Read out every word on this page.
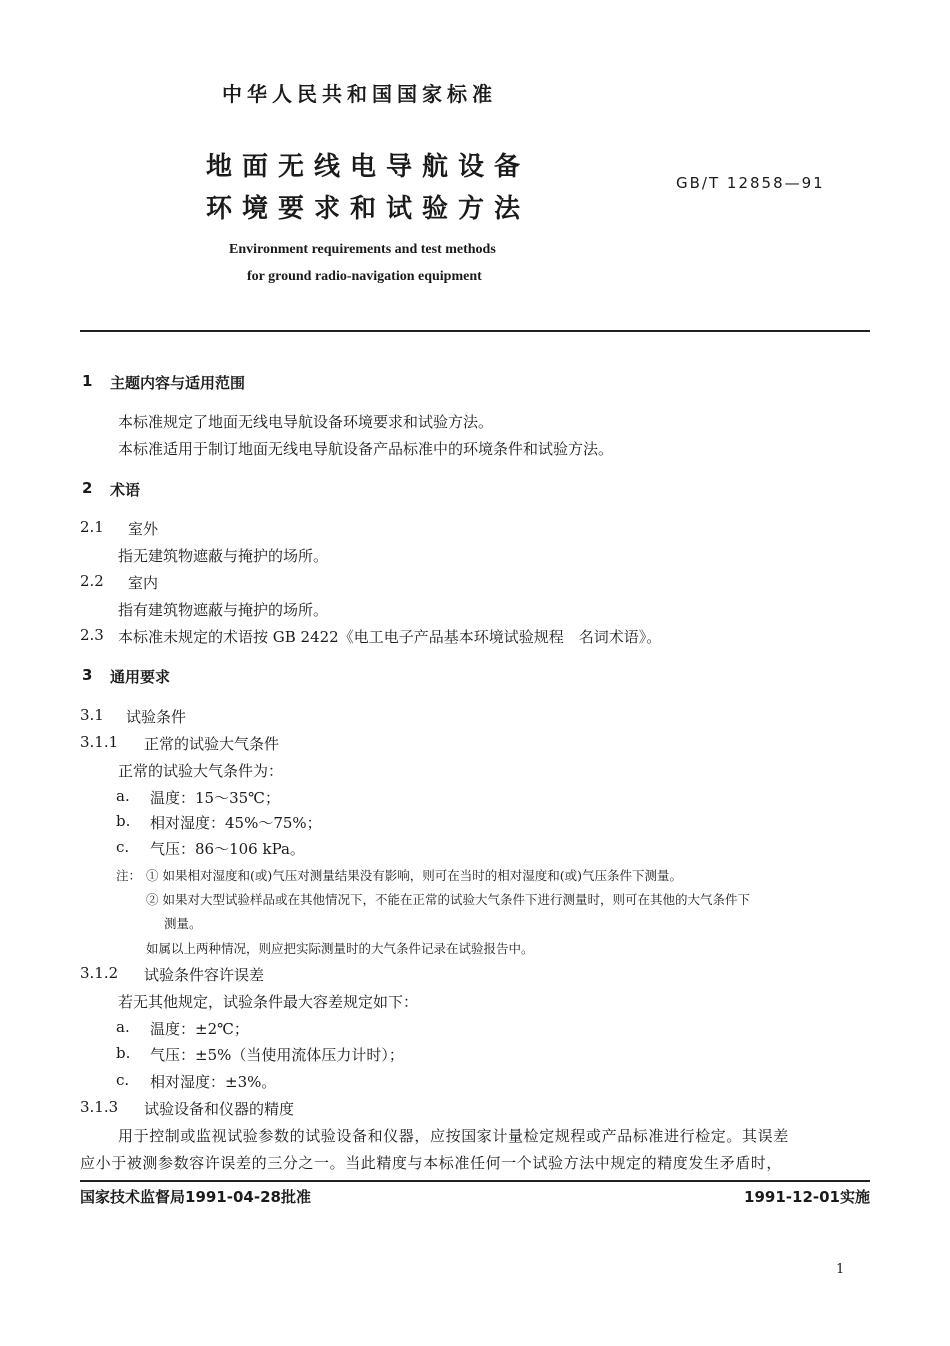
中华人民共和国国家标准
地面无线电导航设备
环境要求和试验方法
GB/T 12858—91
Environment requirements and test methods
for ground radio-navigation equipment
1 主题内容与适用范围
本标准规定了地面无线电导航设备环境要求和试验方法。
本标准适用于制订地面无线电导航设备产品标准中的环境条件和试验方法。
2 术语
2.1 室外
指无建筑物遮蔽与掩护的场所。
2.2 室内
指有建筑物遮蔽与掩护的场所。
2.3 本标准未规定的术语按 GB 2422《电工电子产品基本环境试验规程　名词术语》。
3 通用要求
3.1 试验条件
3.1.1 正常的试验大气条件
正常的试验大气条件为：
a. 温度：15～35℃；
b. 相对湿度：45%～75%；
c. 气压：86～106 kPa。
注： ① 如果相对湿度和(或)气压对测量结果没有影响，则可在当时的相对湿度和(或)气压条件下测量。
② 如果对大型试验样品或在其他情况下，不能在正常的试验大气条件下进行测量时，则可在其他的大气条件下
测量。
如属以上两种情况，则应把实际测量时的大气条件记录在试验报告中。
3.1.2 试验条件容许误差
若无其他规定，试验条件最大容差规定如下：
a. 温度：±2℃；
b. 气压：±5%（当使用流体压力计时）；
c. 相对湿度：±3%。
3.1.3 试验设备和仪器的精度
用于控制或监视试验参数的试验设备和仪器，应按国家计量检定规程或产品标准进行检定。其误差
应小于被测参数容许误差的三分之一。当此精度与本标准任何一个试验方法中规定的精度发生矛盾时，
国家技术监督局1991-04-28批准	1991-12-01实施
1
